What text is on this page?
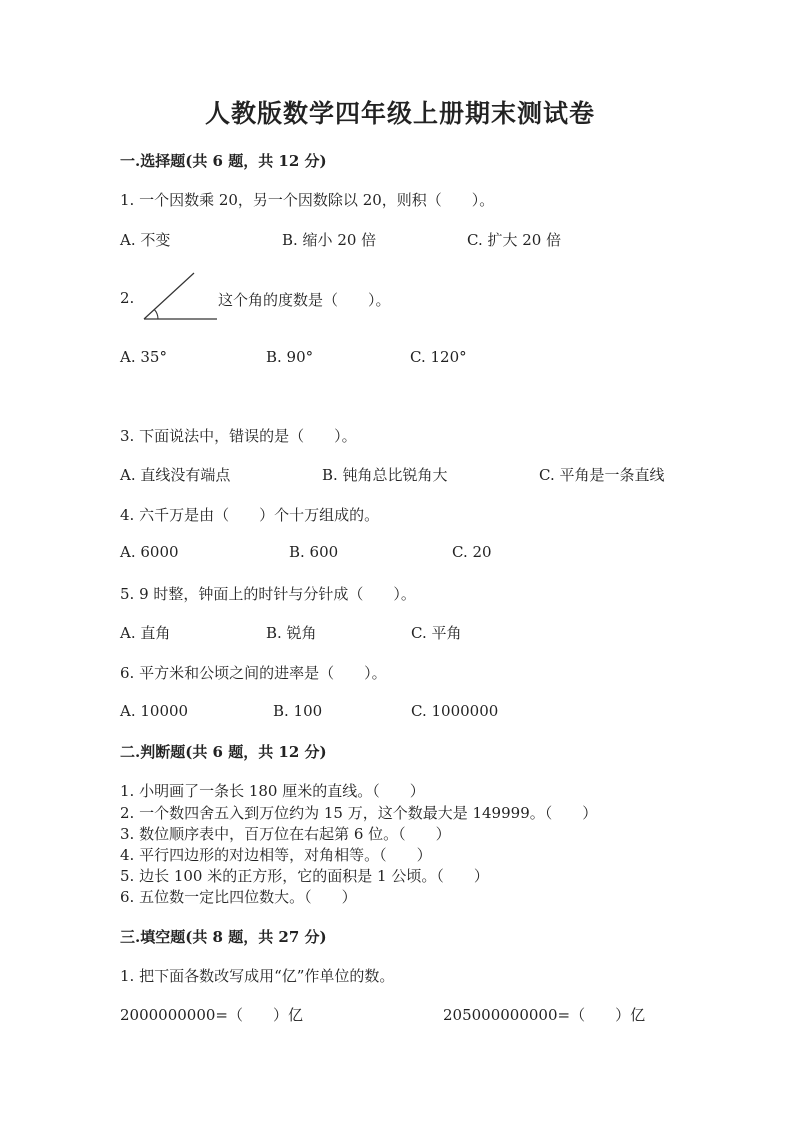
人教版数学四年级上册期末测试卷
一.选择题(共 6 题，共 12 分)
1. 一个因数乘 20，另一个因数除以 20，则积（　　）。
A. 不变	B. 缩小 20 倍	C. 扩大 20 倍
2.	这个角的度数是（　　）。
A. 35°	B. 90°	C. 120°
3. 下面说法中，错误的是（　　）。
A. 直线没有端点	B. 钝角总比锐角大	C. 平角是一条直线
4. 六千万是由（　　）个十万组成的。
A. 6000	B. 600	C. 20
5. 9 时整，钟面上的时针与分针成（　　）。
A. 直角	B. 锐角	C. 平角
6. 平方米和公顷之间的进率是（　　）。
A. 10000	B. 100	C. 1000000
二.判断题(共 6 题，共 12 分)
1. 小明画了一条长 180 厘米的直线。（　　）
2. 一个数四舍五入到万位约为 15 万，这个数最大是 149999。（　　）
3. 数位顺序表中，百万位在右起第 6 位。（　　）
4. 平行四边形的对边相等，对角相等。（　　）
5. 边长 100 米的正方形，它的面积是 1 公顷。（　　）
6. 五位数一定比四位数大。（　　）
三.填空题(共 8 题，共 27 分)
1. 把下面各数改写成用“亿”作单位的数。
2000000000=（　　）亿	205000000000=（　　）亿
